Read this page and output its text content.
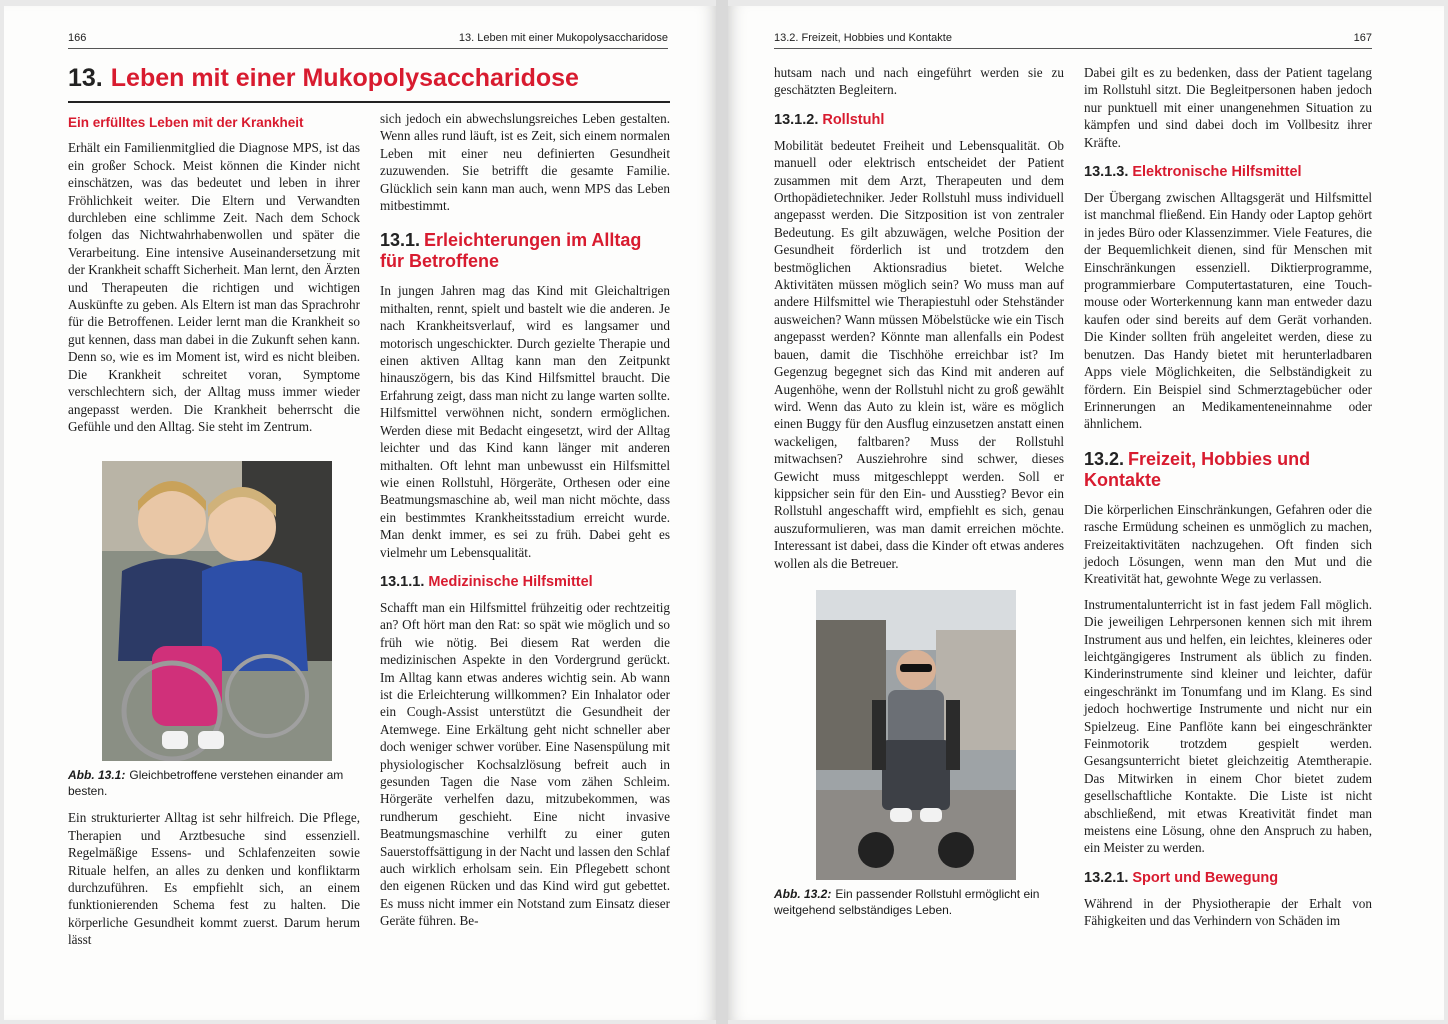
166	13. Leben mit einer Mukopolysaccharidose
13. Leben mit einer Mukopolysaccharidose
Ein erfülltes Leben mit der Krankheit

Erhält ein Familienmitglied die Diagnose MPS, ist das ein großer Schock. Meist können die Kinder nicht einschätzen, was das bedeutet und leben in ihrer Fröhlichkeit weiter. Die Eltern und Verwandten durchleben eine schlimme Zeit. Nach dem Schock folgen das Nichtwahrhabenwollen und später die Verarbeitung. Eine intensive Auseinandersetzung mit der Krankheit schafft Sicherheit. Man lernt, den Ärzten und Therapeuten die richtigen und wichtigen Auskünfte zu geben. Als Eltern ist man das Sprachrohr für die Betroffenen. Leider lernt man die Krankheit so gut kennen, dass man dabei in die Zukunft sehen kann. Denn so, wie es im Moment ist, wird es nicht bleiben. Die Krankheit schreitet voran, Symptome verschlechtern sich, der Alltag muss immer wieder angepasst werden. Die Krankheit beherrscht die Gefühle und den Alltag. Sie steht im Zentrum.

Abb. 13.1: Gleichbetroffene verstehen einander am besten.

Ein strukturierter Alltag ist sehr hilfreich. Die Pflege, Therapien und Arztbesuche sind essenziell. Regelmäßige Essens- und Schlafenzeiten sowie Rituale helfen, an alles zu denken und konfliktarm durchzuführen. Es empfiehlt sich, an einem funktionierenden Schema fest zu halten. Die körperliche Gesundheit kommt zuerst. Darum herum lässt

sich jedoch ein abwechslungsreiches Leben gestalten. Wenn alles rund läuft, ist es Zeit, sich einem normalen Leben mit einer neu definierten Gesundheit zuzuwenden. Sie betrifft die gesamte Familie. Glücklich sein kann man auch, wenn MPS das Leben mitbestimmt.

13.1. Erleichterungen im Alltag für Betroffene

In jungen Jahren mag das Kind mit Gleichaltrigen mithalten, rennt, spielt und bastelt wie die anderen. Je nach Krankheitsverlauf, wird es langsamer und motorisch ungeschickter. Durch gezielte Therapie und einen aktiven Alltag kann man den Zeitpunkt hinauszögern, bis das Kind Hilfsmittel braucht. Die Erfahrung zeigt, dass man nicht zu lange warten sollte. Hilfsmittel verwöhnen nicht, sondern ermöglichen. Werden diese mit Bedacht eingesetzt, wird der Alltag leichter und das Kind kann länger mit anderen mithalten. Oft lehnt man unbewusst ein Hilfsmittel wie einen Rollstuhl, Hörgeräte, Orthesen oder eine Beatmungsmaschine ab, weil man nicht möchte, dass ein bestimmtes Krankheitsstadium erreicht wurde. Man denkt immer, es sei zu früh. Dabei geht es vielmehr um Lebensqualität.

13.1.1. Medizinische Hilfsmittel

Schafft man ein Hilfsmittel frühzeitig oder rechtzeitig an? Oft hört man den Rat: so spät wie möglich und so früh wie nötig. Bei diesem Rat werden die medizinischen Aspekte in den Vordergrund gerückt. Im Alltag kann etwas anderes wichtig sein. Ab wann ist die Erleichterung willkommen? Ein Inhalator oder ein Cough-Assist unterstützt die Gesundheit der Atemwege. Eine Erkältung geht nicht schneller aber doch weniger schwer vorüber. Eine Nasenspülung mit physiologischer Kochsalzlösung befreit auch in gesunden Tagen die Nase vom zähen Schleim. Hörgeräte verhelfen dazu, mitzubekommen, was rundherum geschieht. Eine nicht invasive Beatmungsmaschine verhilft zu einer guten Sauerstoffsättigung in der Nacht und lassen den Schlaf auch wirklich erholsam sein. Ein Pflegebett schont den eigenen Rücken und das Kind wird gut gebettet. Es muss nicht immer ein Notstand zum Einsatz dieser Geräte führen. Be-

13.2. Freizeit, Hobbies und Kontakte	167

hutsam nach und nach eingeführt werden sie zu geschätzten Begleitern.

13.1.2. Rollstuhl

Mobilität bedeutet Freiheit und Lebensqualität. Ob manuell oder elektrisch entscheidet der Patient zusammen mit dem Arzt, Therapeuten und dem Orthopädietechniker. Jeder Rollstuhl muss individuell angepasst werden. Die Sitzposition ist von zentraler Bedeutung. Es gilt abzuwägen, welche Position der Gesundheit förderlich ist und trotzdem den bestmöglichen Aktionsradius bietet. Welche Aktivitäten müssen möglich sein? Wo muss man auf andere Hilfsmittel wie Therapiestuhl oder Stehständer ausweichen? Wann müssen Möbelstücke wie ein Tisch angepasst werden? Könnte man allenfalls ein Podest bauen, damit die Tischhöhe erreichbar ist? Im Gegenzug begegnet sich das Kind mit anderen auf Augenhöhe, wenn der Rollstuhl nicht zu groß gewählt wird. Wenn das Auto zu klein ist, wäre es möglich einen Buggy für den Ausflug einzusetzen anstatt einen wackeligen, faltbaren? Muss der Rollstuhl mitwachsen? Ausziehrohre sind schwer, dieses Gewicht muss mitgeschleppt werden. Soll er kippsicher sein für den Ein- und Ausstieg? Bevor ein Rollstuhl angeschafft wird, empfiehlt es sich, genau auszuformulieren, was man damit erreichen möchte. Interessant ist dabei, dass die Kinder oft etwas anderes wollen als die Betreuer.

Abb. 13.2: Ein passender Rollstuhl ermöglicht ein weitgehend selbständiges Leben.

Dabei gilt es zu bedenken, dass der Patient tagelang im Rollstuhl sitzt. Die Begleitpersonen haben jedoch nur punktuell mit einer unangenehmen Situation zu kämpfen und sind dabei doch im Vollbesitz ihrer Kräfte.

13.1.3. Elektronische Hilfsmittel

Der Übergang zwischen Alltagsgerät und Hilfsmittel ist manchmal fließend. Ein Handy oder Laptop gehört in jedes Büro oder Klassenzimmer. Viele Features, die der Bequemlichkeit dienen, sind für Menschen mit Einschränkungen essenziell. Diktierprogramme, programmierbare Computertastaturen, eine Touch-mouse oder Worterkennung kann man entweder dazu kaufen oder sind bereits auf dem Gerät vorhanden. Die Kinder sollten früh angeleitet werden, diese zu benutzen. Das Handy bietet mit herunterladbaren Apps viele Möglichkeiten, die Selbständigkeit zu fördern. Ein Beispiel sind Schmerztagebücher oder Erinnerungen an Medikamenteneinnahme oder ähnlichem.

13.2. Freizeit, Hobbies und Kontakte

Die körperlichen Einschränkungen, Gefahren oder die rasche Ermüdung scheinen es unmöglich zu machen, Freizeitaktivitäten nachzugehen. Oft finden sich jedoch Lösungen, wenn man den Mut und die Kreativität hat, gewohnte Wege zu verlassen.

Instrumentalunterricht ist in fast jedem Fall möglich. Die jeweiligen Lehrpersonen kennen sich mit ihrem Instrument aus und helfen, ein leichtes, kleineres oder leichtgängigeres Instrument als üblich zu finden. Kinderinstrumente sind kleiner und leichter, dafür eingeschränkt im Tonumfang und im Klang. Es sind jedoch hochwertige Instrumente und nicht nur ein Spielzeug. Eine Panflöte kann bei eingeschränkter Feinmotorik trotzdem gespielt werden. Gesangsunterricht bietet gleichzeitig Atemtherapie. Das Mitwirken in einem Chor bietet zudem gesellschaftliche Kontakte. Die Liste ist nicht abschließend, mit etwas Kreativität findet man meistens eine Lösung, ohne den Anspruch zu haben, ein Meister zu werden.

13.2.1. Sport und Bewegung

Während in der Physiotherapie der Erhalt von Fähigkeiten und das Verhindern von Schäden im
